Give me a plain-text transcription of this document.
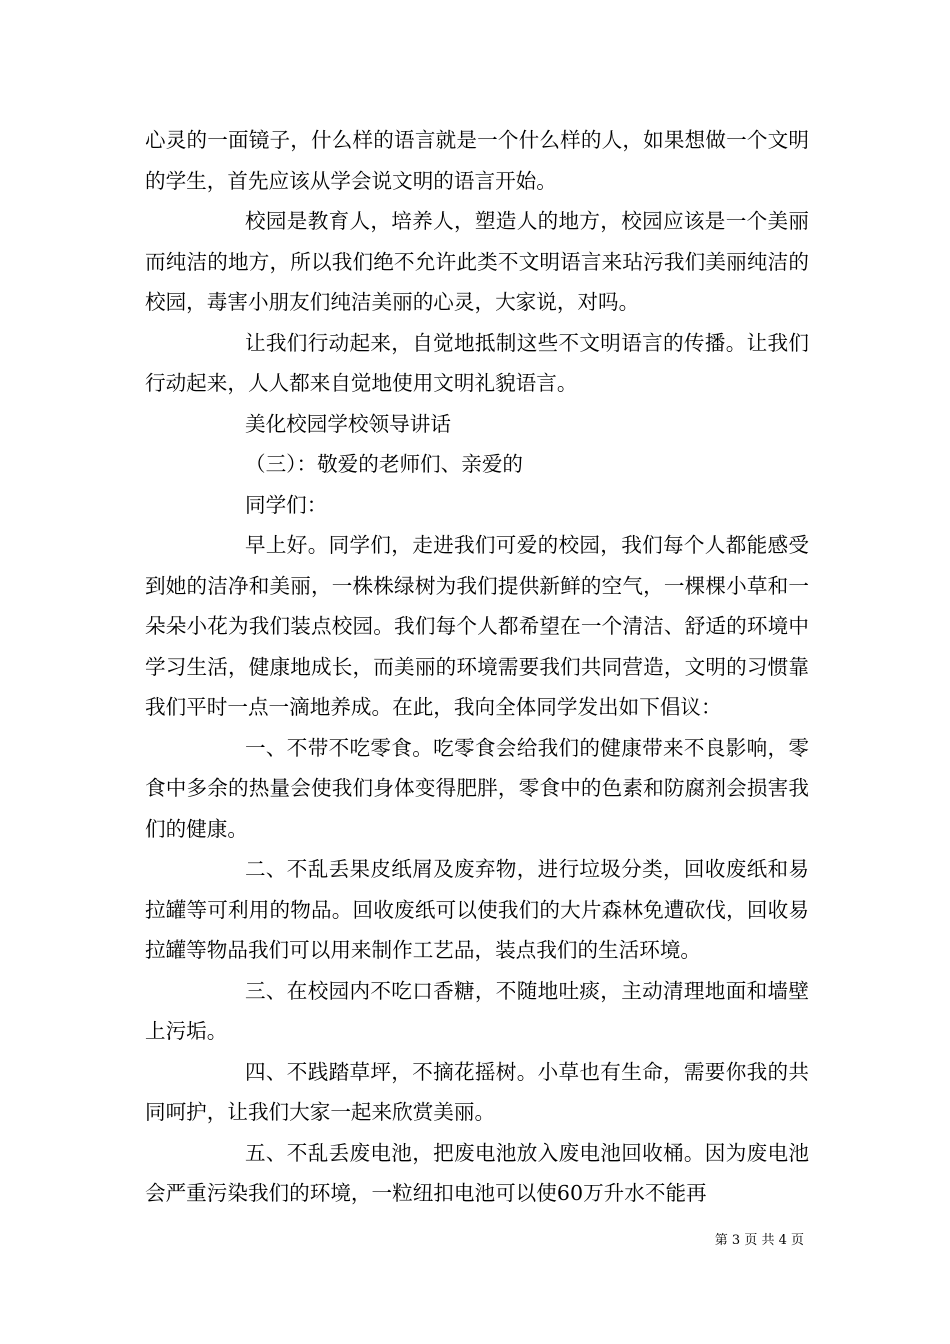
心灵的一面镜子，什么样的语言就是一个什么样的人，如果想做一个文明的学生，首先应该从学会说文明的语言开始。

校园是教育人，培养人，塑造人的地方，校园应该是一个美丽而纯洁的地方，所以我们绝不允许此类不文明语言来玷污我们美丽纯洁的校园，毒害小朋友们纯洁美丽的心灵，大家说，对吗。

让我们行动起来，自觉地抵制这些不文明语言的传播。让我们行动起来，人人都来自觉地使用文明礼貌语言。

美化校园学校领导讲话

（三）：敬爱的老师们、亲爱的

同学们：

早上好。同学们，走进我们可爱的校园，我们每个人都能感受到她的洁净和美丽，一株株绿树为我们提供新鲜的空气，一棵棵小草和一朵朵小花为我们装点校园。我们每个人都希望在一个清洁、舒适的环境中学习生活，健康地成长，而美丽的环境需要我们共同营造，文明的习惯靠我们平时一点一滴地养成。在此，我向全体同学发出如下倡议：

一、不带不吃零食。吃零食会给我们的健康带来不良影响，零食中多余的热量会使我们身体变得肥胖，零食中的色素和防腐剂会损害我们的健康。

二、不乱丢果皮纸屑及废弃物，进行垃圾分类，回收废纸和易拉罐等可利用的物品。回收废纸可以使我们的大片森林免遭砍伐，回收易拉罐等物品我们可以用来制作工艺品，装点我们的生活环境。

三、在校园内不吃口香糖，不随地吐痰，主动清理地面和墙壁上污垢。

四、不践踏草坪，不摘花摇树。小草也有生命，需要你我的共同呵护，让我们大家一起来欣赏美丽。

五、不乱丢废电池，把废电池放入废电池回收桶。因为废电池会严重污染我们的环境，一粒纽扣电池可以使60万升水不能再

第 3 页 共 4 页
